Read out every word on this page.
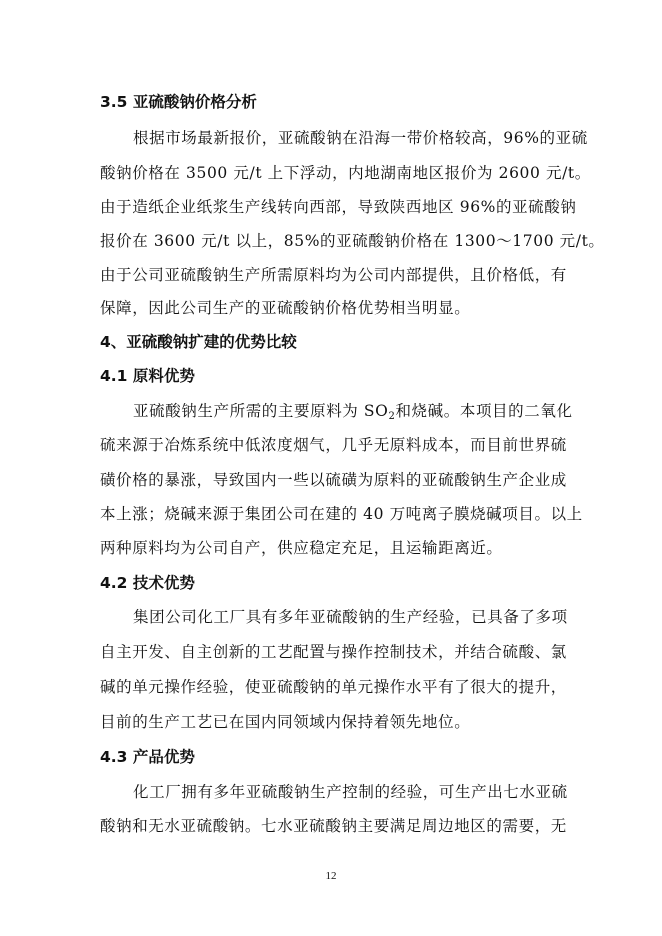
3.5 亚硫酸钠价格分析
根据市场最新报价，亚硫酸钠在沿海一带价格较高，96%的亚硫
酸钠价格在 3500 元/t 上下浮动，内地湖南地区报价为 2600 元/t。
由于造纸企业纸浆生产线转向西部，导致陕西地区 96%的亚硫酸钠
报价在 3600 元/t 以上，85%的亚硫酸钠价格在 1300～1700 元/t。
由于公司亚硫酸钠生产所需原料均为公司内部提供，且价格低，有
保障，因此公司生产的亚硫酸钠价格优势相当明显。
4、亚硫酸钠扩建的优势比较
4.1 原料优势
亚硫酸钠生产所需的主要原料为 $SO_2$和烧碱。本项目的二氧化
硫来源于冶炼系统中低浓度烟气，几乎无原料成本，而目前世界硫
磺价格的暴涨，导致国内一些以硫磺为原料的亚硫酸钠生产企业成
本上涨；烧碱来源于集团公司在建的 40 万吨离子膜烧碱项目。以上
两种原料均为公司自产，供应稳定充足，且运输距离近。
4.2 技术优势
集团公司化工厂具有多年亚硫酸钠的生产经验，已具备了多项
自主开发、自主创新的工艺配置与操作控制技术，并结合硫酸、氯
碱的单元操作经验，使亚硫酸钠的单元操作水平有了很大的提升，
目前的生产工艺已在国内同领域内保持着领先地位。
4.3 产品优势
化工厂拥有多年亚硫酸钠生产控制的经验，可生产出七水亚硫
酸钠和无水亚硫酸钠。七水亚硫酸钠主要满足周边地区的需要，无
12
